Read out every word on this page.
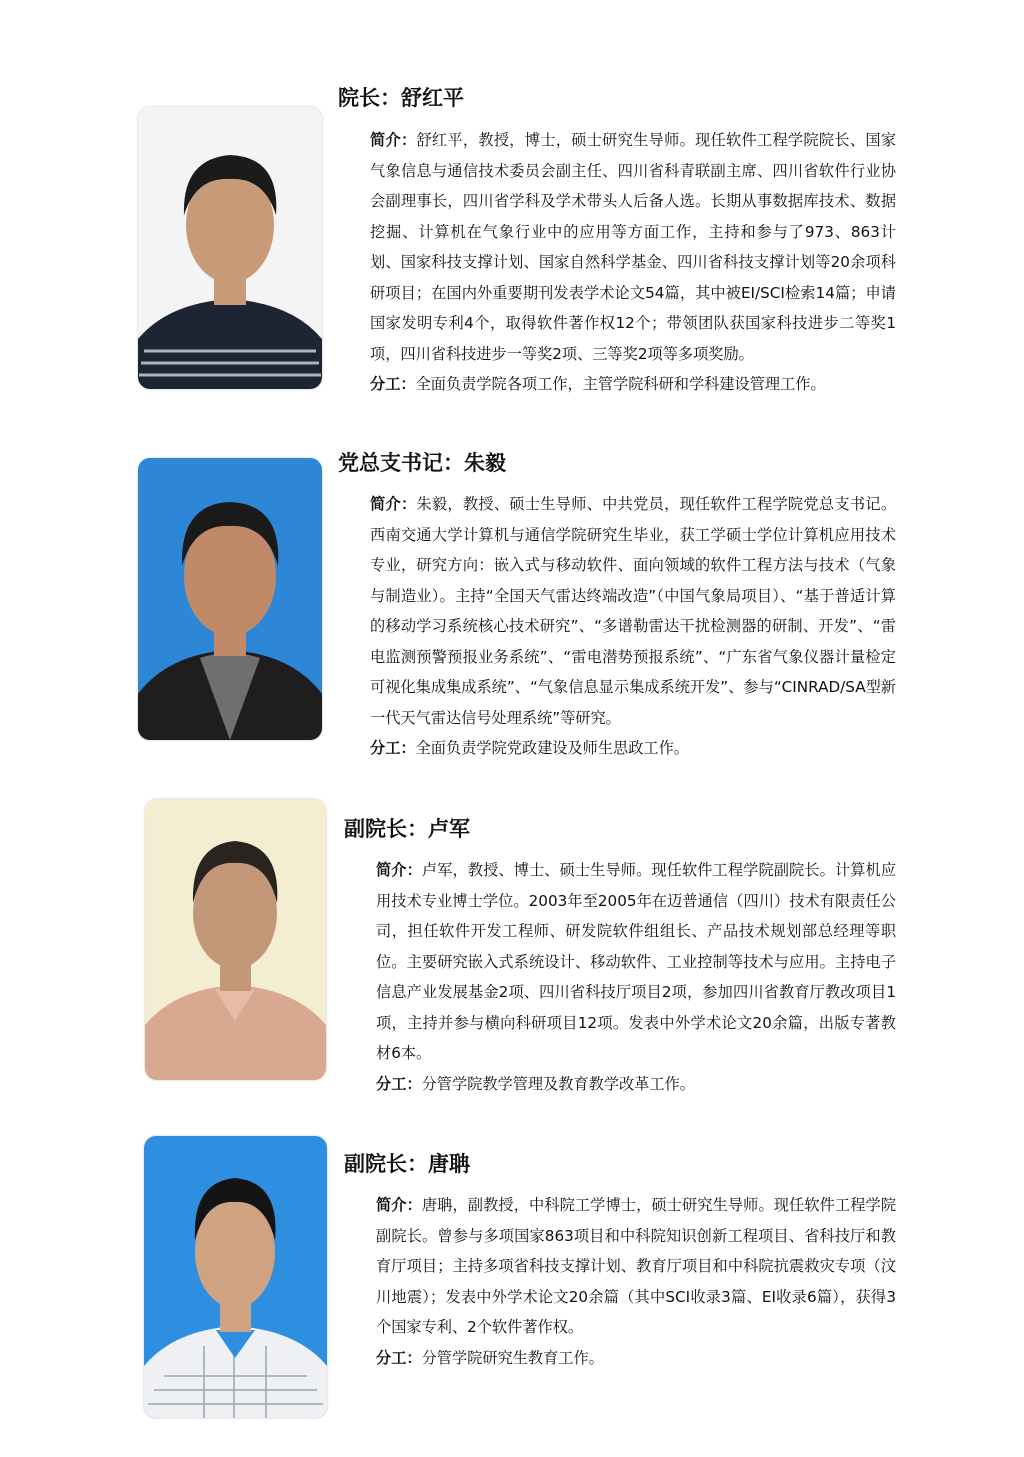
院长：舒红平
简介：舒红平，教授，博士，硕士研究生导师。现任软件工程学院院长、国家气象信息与通信技术委员会副主任、四川省科青联副主席、四川省软件行业协会副理事长，四川省学科及学术带头人后备人选。长期从事数据库技术、数据挖掘、计算机在气象行业中的应用等方面工作，主持和参与了973、863计划、国家科技支撑计划、国家自然科学基金、四川省科技支撑计划等20余项科研项目；在国内外重要期刊发表学术论文54篇，其中被EI/SCI检索14篇；申请国家发明专利4个，取得软件著作权12个；带领团队获国家科技进步二等奖1项，四川省科技进步一等奖2项、三等奖2项等多项奖励。
分工：全面负责学院各项工作，主管学院科研和学科建设管理工作。
党总支书记：朱毅
简介：朱毅，教授、硕士生导师、中共党员，现任软件工程学院党总支书记。西南交通大学计算机与通信学院研究生毕业，获工学硕士学位计算机应用技术专业，研究方向：嵌入式与移动软件、面向领域的软件工程方法与技术（气象与制造业）。主持“全国天气雷达终端改造”（中国气象局项目）、“基于普适计算的移动学习系统核心技术研究”、“多谱勒雷达干扰检测器的研制、开发”、“雷电监测预警预报业务系统”、“雷电潜势预报系统”、“广东省气象仪器计量检定可视化集成集成系统”、“气象信息显示集成系统开发”、参与“CINRAD/SA型新一代天气雷达信号处理系统”等研究。
分工：全面负责学院党政建设及师生思政工作。
副院长：卢军
简介：卢军，教授、博士、硕士生导师。现任软件工程学院副院长。计算机应用技术专业博士学位。2003年至2005年在迈普通信（四川）技术有限责任公司，担任软件开发工程师、研发院软件组组长、产品技术规划部总经理等职位。主要研究嵌入式系统设计、移动软件、工业控制等技术与应用。主持电子信息产业发展基金2项、四川省科技厅项目2项，参加四川省教育厅教改项目1项，主持并参与横向科研项目12项。发表中外学术论文20余篇，出版专著教材6本。
分工：分管学院教学管理及教育教学改革工作。
副院长：唐聃
简介：唐聃，副教授，中科院工学博士，硕士研究生导师。现任软件工程学院副院长。曾参与多项国家863项目和中科院知识创新工程项目、省科技厅和教育厅项目；主持多项省科技支撑计划、教育厅项目和中科院抗震救灾专项（汶川地震）；发表中外学术论文20余篇（其中SCI收录3篇、EI收录6篇），获得3个国家专利、2个软件著作权。
分工：分管学院研究生教育工作。
